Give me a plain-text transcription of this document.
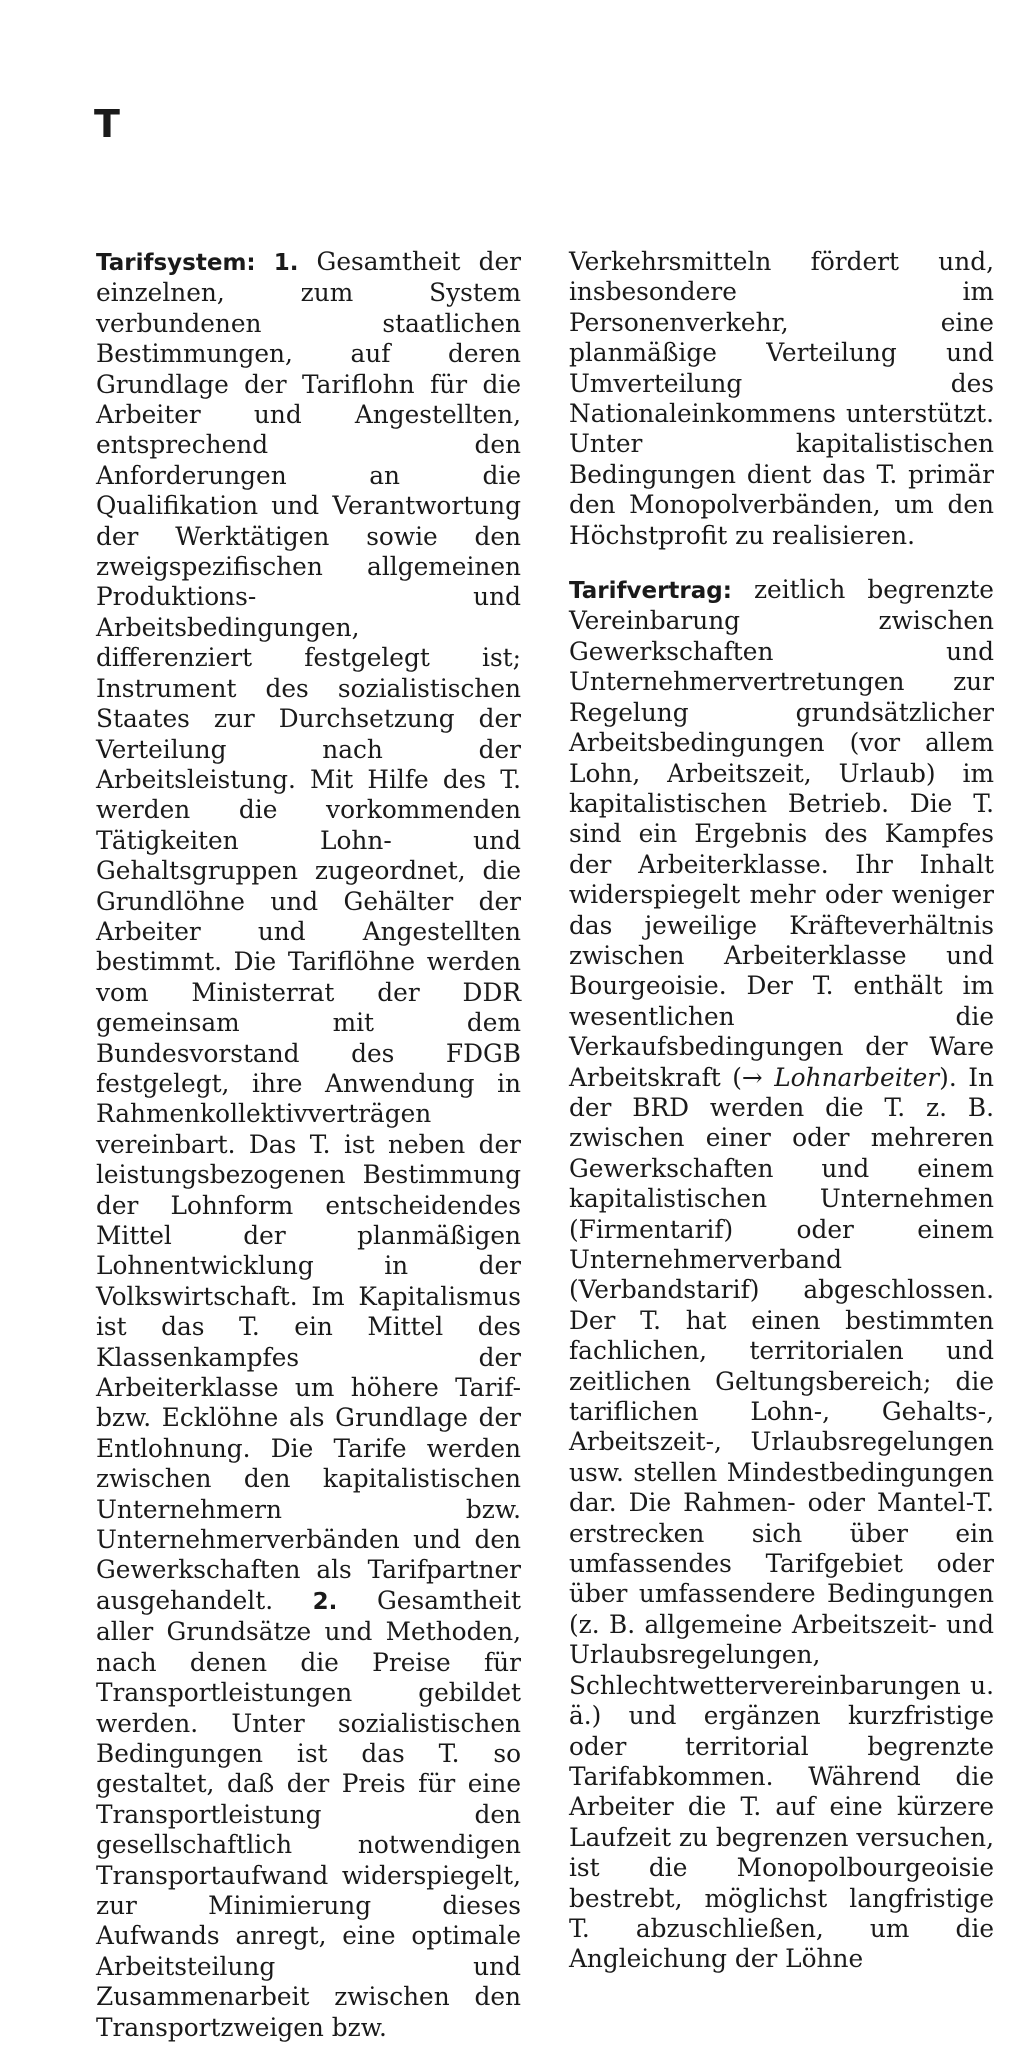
T

Tarifsystem: 1. Gesamtheit der einzelnen, zum System verbundenen staatlichen Bestimmungen, auf deren Grundlage der Tariflohn für die Arbeiter und Angestellten, entsprechend den Anforderungen an die Qualifikation und Verantwortung der Werktätigen sowie den zweigspezifischen allgemeinen Produktions- und Arbeitsbedingungen, differenziert festgelegt ist; Instrument des sozialistischen Staates zur Durchsetzung der Verteilung nach der Arbeitsleistung. Mit Hilfe des T. werden die vorkommenden Tätigkeiten Lohn- und Gehaltsgruppen zugeordnet, die Grundlöhne und Gehälter der Arbeiter und Angestellten bestimmt. Die Tariflöhne werden vom Ministerrat der DDR gemeinsam mit dem Bundesvorstand des FDGB festgelegt, ihre Anwendung in Rahmenkollektivverträgen vereinbart. Das T. ist neben der leistungsbezogenen Bestimmung der Lohnform entscheidendes Mittel der planmäßigen Lohnentwicklung in der Volkswirtschaft. Im Kapitalismus ist das T. ein Mittel des Klassenkampfes der Arbeiterklasse um höhere Tarif- bzw. Ecklöhne als Grundlage der Entlohnung. Die Tarife werden zwischen den kapitalistischen Unternehmern bzw. Unternehmerverbänden und den Gewerkschaften als Tarifpartner ausgehandelt. 2. Gesamtheit aller Grundsätze und Methoden, nach denen die Preise für Transportleistungen gebildet werden. Unter sozialistischen Bedingungen ist das T. so gestaltet, daß der Preis für eine Transportleistung den gesellschaftlich notwendigen Transportaufwand widerspiegelt, zur Minimierung dieses Aufwands anregt, eine optimale Arbeitsteilung und Zusammenarbeit zwischen den Transportzweigen bzw.

Verkehrsmitteln fördert und, insbesondere im Personenverkehr, eine planmäßige Verteilung und Umverteilung des Nationaleinkommens unterstützt. Unter kapitalistischen Bedingungen dient das T. primär den Monopolverbänden, um den Höchstprofit zu realisieren.

Tarifvertrag: zeitlich begrenzte Vereinbarung zwischen Gewerkschaften und Unternehmervertretungen zur Regelung grundsätzlicher Arbeitsbedingungen (vor allem Lohn, Arbeitszeit, Urlaub) im kapitalistischen Betrieb. Die T. sind ein Ergebnis des Kampfes der Arbeiterklasse. Ihr Inhalt widerspiegelt mehr oder weniger das jeweilige Kräfteverhältnis zwischen Arbeiterklasse und Bourgeoisie. Der T. enthält im wesentlichen die Verkaufsbedingungen der Ware Arbeitskraft (→ Lohnarbeiter). In der BRD werden die T. z. B. zwischen einer oder mehreren Gewerkschaften und einem kapitalistischen Unternehmen (Firmentarif) oder einem Unternehmerverband (Verbandstarif) abgeschlossen. Der T. hat einen bestimmten fachlichen, territorialen und zeitlichen Geltungsbereich; die tariflichen Lohn-, Gehalts-, Arbeitszeit-, Urlaubsregelungen usw. stellen Mindestbedingungen dar. Die Rahmen- oder Mantel-T. erstrecken sich über ein umfassendes Tarifgebiet oder über umfassendere Bedingungen (z. B. allgemeine Arbeitszeit- und Urlaubsregelungen, Schlechtwettervereinbarungen u. ä.) und ergänzen kurzfristige oder territorial begrenzte Tarifabkommen. Während die Arbeiter die T. auf eine kürzere Laufzeit zu begrenzen versuchen, ist die Monopolbourgeoisie bestrebt, möglichst langfristige T. abzuschließen, um die Angleichung der Löhne
